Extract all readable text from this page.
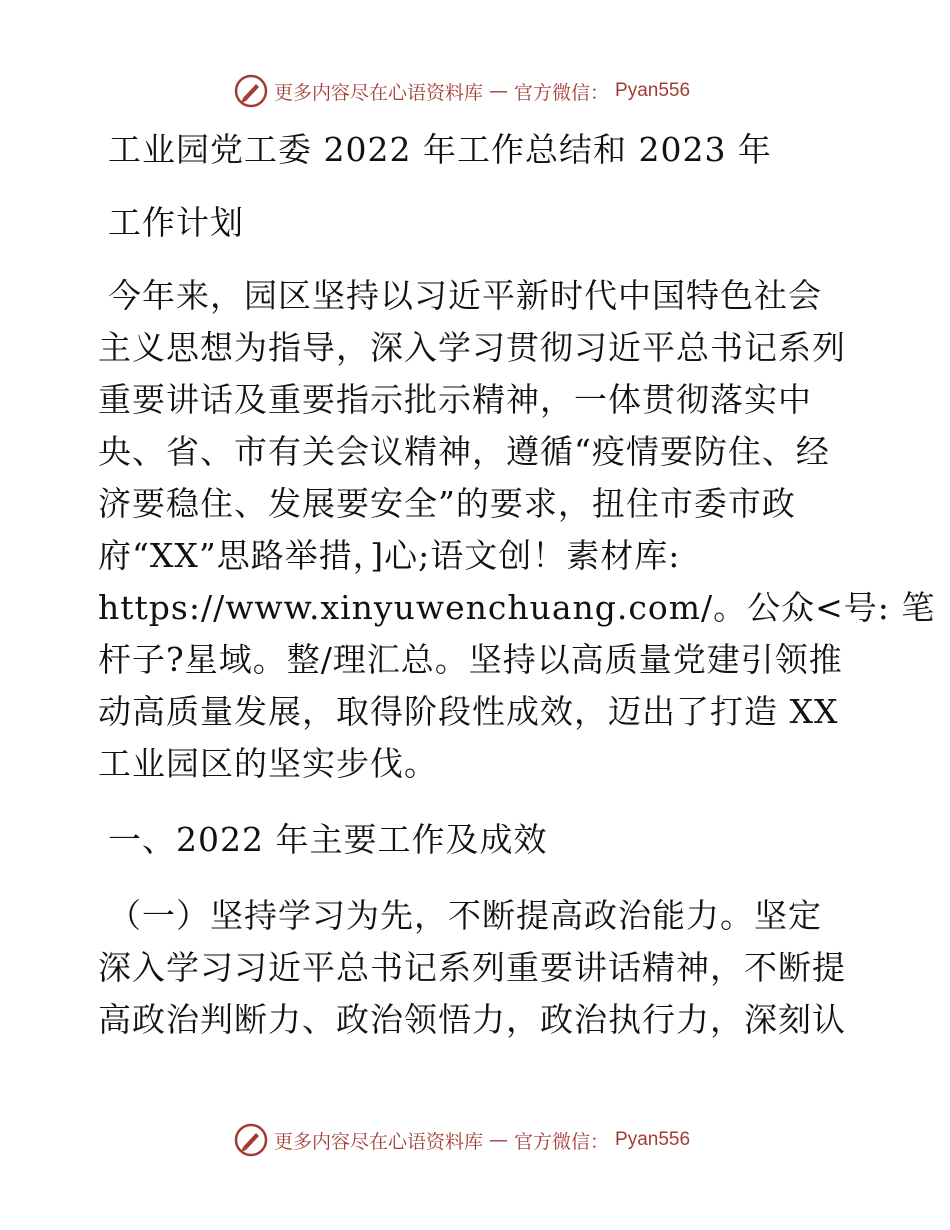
更多内容尽在心语资料库 — 官方微信： Pyan556
工业园党工委 2022 年工作总结和 2023 年
工作计划
今年来，园区坚持以习近平新时代中国特色社会
主义思想为指导，深入学习贯彻习近平总书记系列
重要讲话及重要指示批示精神，一体贯彻落实中
央、省、市有关会议精神，遵循“疫情要防住、经
济要稳住、发展要安全”的要求，扭住市委市政
府“XX”思路举措，]心;语文创！素材库:
https://www.xinyuwenchuang.com/。公众<号: 笔
杆子?星域。整/理汇总。坚持以高质量党建引领推
动高质量发展，取得阶段性成效，迈出了打造 XX
工业园区的坚实步伐。
一、2022 年主要工作及成效
（一）坚持学习为先，不断提高政治能力。坚定
深入学习习近平总书记系列重要讲话精神，不断提
高政治判断力、政治领悟力，政治执行力，深刻认
更多内容尽在心语资料库 — 官方微信： Pyan556
